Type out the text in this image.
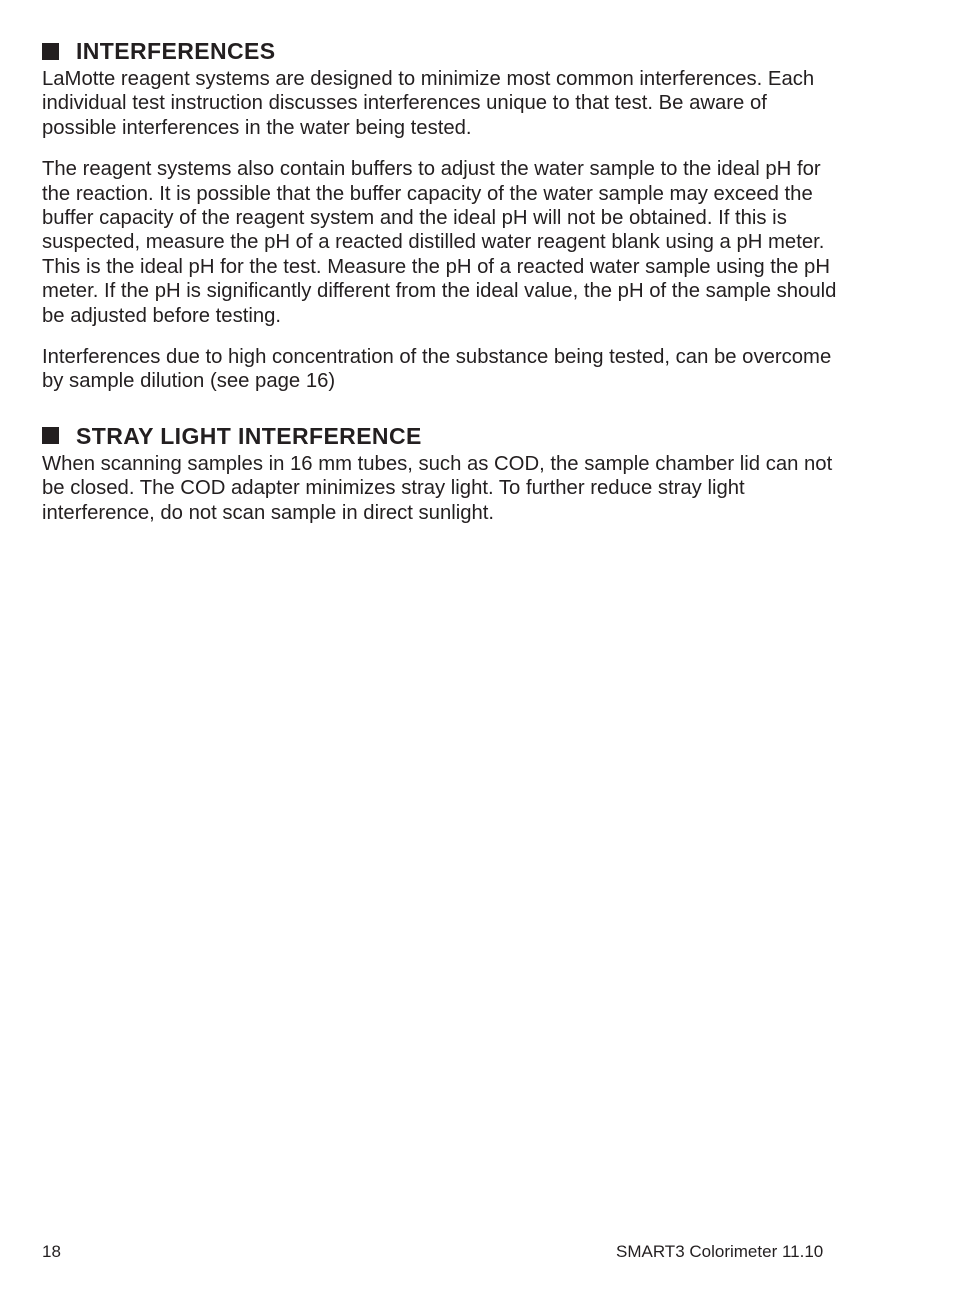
INTERFERENCES

LaMotte reagent systems are designed to minimize most common interferences. Each individual test instruction discusses interferences unique to that test. Be aware of possible interferences in the water being tested.

The reagent systems also contain buffers to adjust the water sample to the ideal pH for the reaction. It is possible that the buffer capacity of the water sample may exceed the buffer capacity of the reagent system and the ideal pH will not be obtained. If this is suspected, measure the pH of a reacted distilled water reagent blank using a pH meter. This is the ideal pH for the test. Measure the pH of a reacted water sample using the pH meter. If the pH is significantly different from the ideal value, the pH of the sample should be adjusted before testing.

Interferences due to high concentration of the substance being tested, can be overcome by sample dilution (see page 16)

STRAY LIGHT INTERFERENCE

When scanning samples in 16 mm tubes, such as COD, the sample chamber lid can not be closed. The COD adapter minimizes stray light. To further reduce stray light interference, do not scan sample in direct sunlight.

18	SMART3 Colorimeter 11.10
